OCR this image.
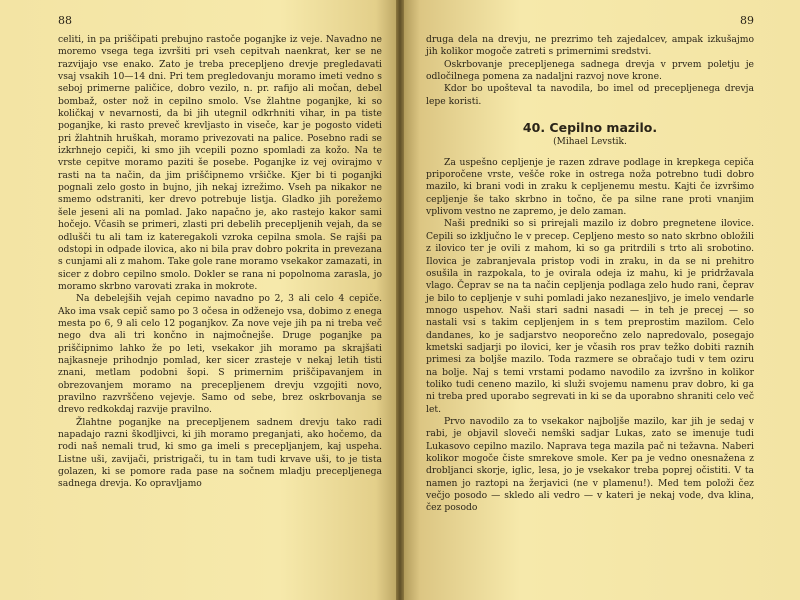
88

celiti, in pa priščipati prebujno rastoče poganjke iz veje. Navadno ne moremo vsega tega izvršiti pri vseh cepitvah naenkrat, ker se ne razvijajo vse enako. Zato je treba precepljeno drevje pregledavati vsaj vsakih 10—14 dni. Pri tem pregledovanju moramo imeti vedno s seboj primerne paličice, dobro vezilo, n. pr. rafijo ali močan, debel bombaž, oster nož in cepilno smolo. Vse žlahtne poganjke, ki so količkaj v nevarnosti, da bi jih utegnil odkrhniti vihar, in pa tiste poganjke, ki rasto preveč krevljasto in viseče, kar je pogosto videti pri žlahtnih hruškah, moramo privezovati na palice. Posebno radi se izkrhnejo cepiči, ki smo jih vcepili pozno spomladi za kožo. Na te vrste cepitve moramo paziti še posebe. Poganjke iz vej ovirajmo v rasti na ta način, da jim priščipnemo vršičke. Kjer bi ti poganjki pognali zelo gosto in bujno, jih nekaj izrežimo. Vseh pa nikakor ne smemo odstraniti, ker drevo potrebuje listja. Gladko jih porežemo šele jeseni ali na pomlad. Jako napačno je, ako rastejo kakor sami hočejo. Včasih se primeri, zlasti pri debelih precepljenih vejah, da se odlušči tu ali tam iz kateregakoli vzroka cepilna smola. Se rajši pa odstopi in odpade ilovica, ako ni bila prav dobro pokrita in prevezana s cunjami ali z mahom. Take gole rane moramo vsekakor zamazati, in sicer z dobro cepilno smolo. Dokler se rana ni popolnoma zarasla, jo moramo skrbno varovati zraka in mokrote.

Na debelejših vejah cepimo navadno po 2, 3 ali celo 4 cepiče. Ako ima vsak cepič samo po 3 očesa in odženejo vsa, dobimo z enega mesta po 6, 9 ali celo 12 poganjkov. Za nove veje jih pa ni treba več nego dva ali tri končno in najmočnejše. Druge poganjke pa priščipnimo lahko že po leti, vsekakor jih moramo pa skrajšati najkasneje prihodnjo pomlad, ker sicer zrasteje v nekaj letih tisti znani, metlam podobni šopi. S primernim priščipavanjem in obrezovanjem moramo na precepljenem drevju vzgojiti novo, pravilno razvrščeno vejevje. Samo od sebe, brez oskrbovanja se drevo redkokdaj razvije pravilno.

Žlahtne poganjke na precepljenem sadnem drevju tako radi napadajo razni škodljivci, ki jih moramo preganjati, ako hočemo, da rodi naš nemali trud, ki smo ga imeli s precepljanjem, kaj uspeha. Listne uši, zavijači, pristrigači, tu in tam tudi krvave uši, to je tista golazen, ki se pomore rada pase na sočnem mladju precepljenega sadnega drevja. Ko opravljamo

89

druga dela na drevju, ne prezrimo teh zajedalcev, ampak izkušajmo jih kolikor mogoče zatreti s primernimi sredstvi.

Oskrbovanje precepljenega sadnega drevja v prvem poletju je odločilnega pomena za nadaljni razvoj nove krone.

Kdor bo upošteval ta navodila, bo imel od precepljenega drevja lepe koristi.

40. Cepilno mazilo.
(Mihael Levstik.

Za uspešno cepljenje je razen zdrave podlage in krepkega cepiča priporočene vrste, vešče roke in ostrega noža potrebno tudi dobro mazilo, ki brani vodi in zraku k cepljenemu mestu. Kajti če izvršimo cepljenje še tako skrbno in točno, če pa silne rane proti vnanjim vplivom vestno ne zapremo, je delo zaman.

Naši predniki so si prirejali mazilo iz dobro pregnetene ilovice. Cepili so izključno le v precep. Cepljeno mesto so nato skrbno obložili z ilovico ter je ovili z mahom, ki so ga pritrdili s trto ali srobotino. Ilovica je zabranjevala pristop vodi in zraku, in da se ni prehitro osušila in razpokala, to je ovirala odeja iz mahu, ki je pridržavala vlago. Čeprav se na ta način cepljenja podlaga zelo hudo rani, čeprav je bilo to cepljenje v suhi pomladi jako nezanesljivo, je imelo vendarle mnogo uspehov. Naši stari sadni nasadi — in teh je precej — so nastali vsi s takim cepljenjem in s tem preprostim mazilom. Celo dandanes, ko je sadjarstvo neoporečno zelo napredovalo, posegajo kmetski sadjarji po ilovici, ker je včasih ros prav težko dobiti raznih primesi za boljše mazilo. Toda razmere se obračajo tudi v tem oziru na bolje. Naj s temi vrstami podamo navodilo za izvršno in kolikor toliko tudi ceneno mazilo, ki služi svojemu namenu prav dobro, ki ga ni treba pred uporabo segrevati in ki se da uporabno shraniti celo več let.

Prvo navodilo za to vsekakor najboljše mazilo, kar jih je sedaj v rabi, je objavil sloveči nemški sadjar Lukas, zato se imenuje tudi Lukasovo cepilno mazilo. Naprava tega mazila pač ni težavna. Naberi kolikor mogoče čiste smrekove smole. Ker pa je vedno onesnažena z drobljanci skorje, iglic, lesa, jo je vsekakor treba poprej očistiti. V ta namen jo raztopi na žerjavici (ne v plamenu!). Med tem položi čez večjo posodo — skledo ali vedro — v kateri je nekaj vode, dva klina, čez posodo
